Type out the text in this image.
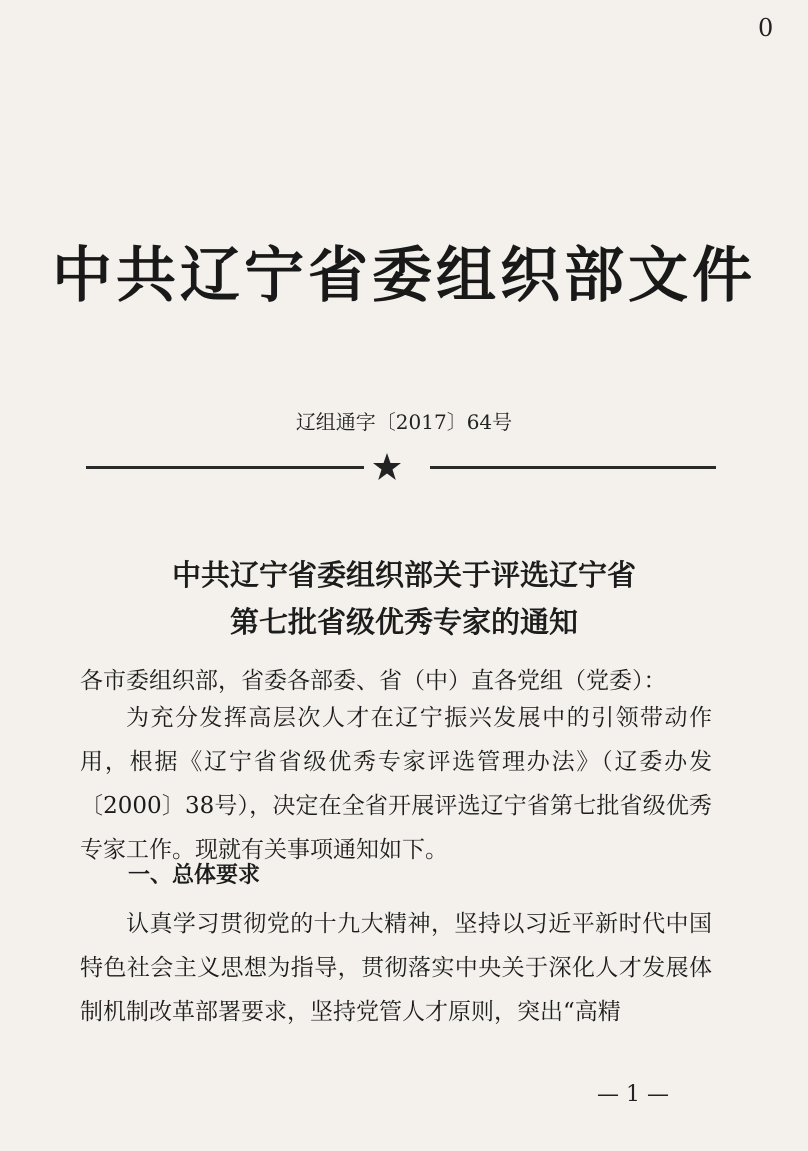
0
中共辽宁省委组织部文件
辽组通字〔2017〕64号
中共辽宁省委组织部关于评选辽宁省
第七批省级优秀专家的通知
各市委组织部，省委各部委、省（中）直各党组（党委）：

为充分发挥高层次人才在辽宁振兴发展中的引领带动作用，根据《辽宁省省级优秀专家评选管理办法》（辽委办发〔2000〕38号），决定在全省开展评选辽宁省第七批省级优秀专家工作。现就有关事项通知如下。

一、总体要求

认真学习贯彻党的十九大精神，坚持以习近平新时代中国特色社会主义思想为指导，贯彻落实中央关于深化人才发展体制机制改革部署要求，坚持党管人才原则，突出“高精

— 1 —
